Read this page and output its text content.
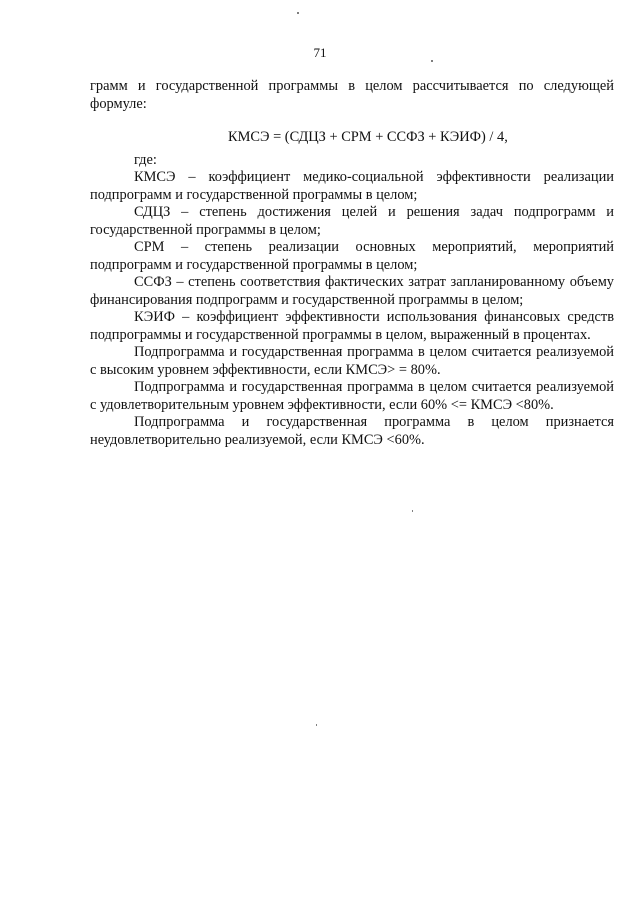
71

грамм и государственной программы в целом рассчитывается по следующей формуле:

КМСЭ = (СДЦЗ + СРМ + ССФЗ + КЭИФ) / 4,

где:

КМСЭ – коэффициент медико-социальной эффективности реализации подпрограмм и государственной программы в целом;

СДЦЗ – степень достижения целей и решения задач подпрограмм и государственной программы в целом;

СРМ – степень реализации основных мероприятий, мероприятий подпрограмм и государственной программы в целом;

ССФЗ – степень соответствия фактических затрат запланированному объему финансирования подпрограмм и государственной программы в целом;

КЭИФ – коэффициент эффективности использования финансовых средств подпрограммы и государственной программы в целом, выраженный в процентах.

Подпрограмма и государственная программа в целом считается реализуемой с высоким уровнем эффективности, если КМСЭ> = 80%.

Подпрограмма и государственная программа в целом считается реализуемой с удовлетворительным уровнем эффективности, если 60% <= КМСЭ <80%.

Подпрограмма и государственная программа в целом признается неудовлетворительно реализуемой, если КМСЭ <60%.
